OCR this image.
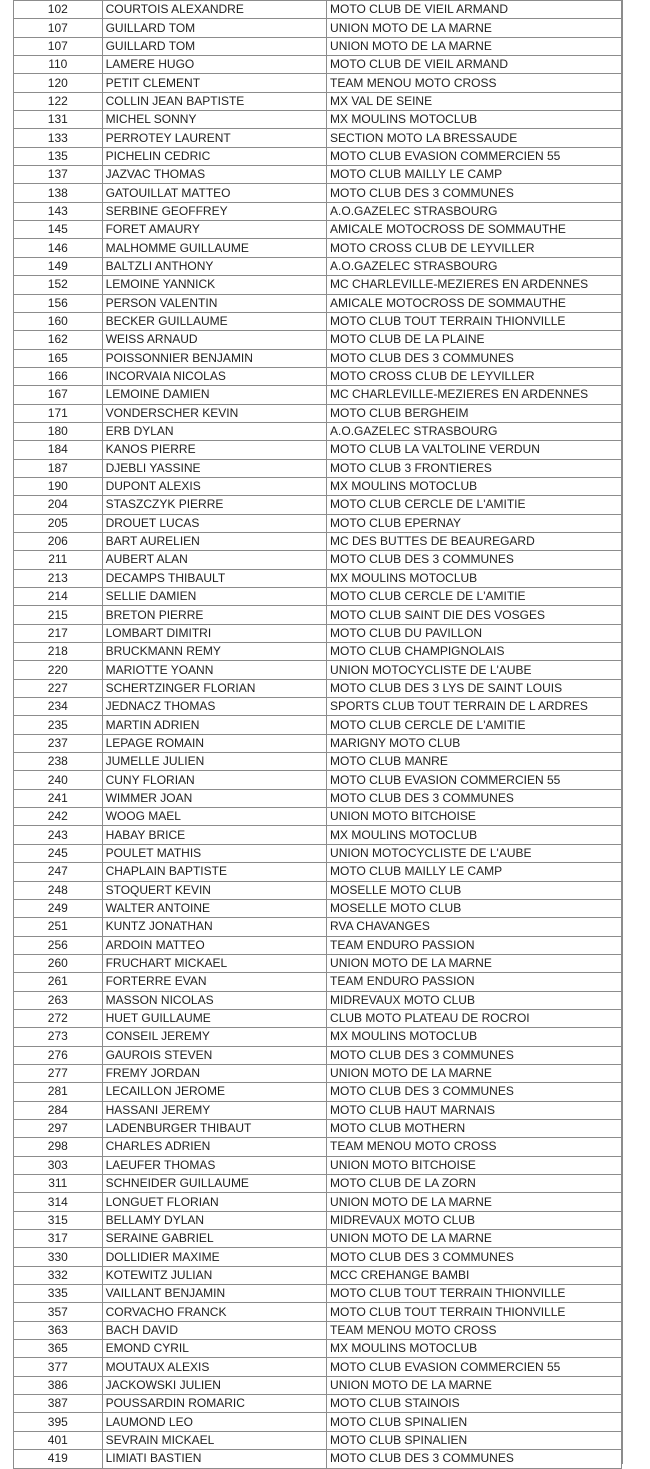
102	COURTOIS ALEXANDRE	MOTO CLUB DE VIEIL ARMAND
107	GUILLARD TOM	UNION MOTO DE LA MARNE
107	GUILLARD TOM	UNION MOTO DE LA MARNE
110	LAMERE HUGO	MOTO CLUB DE VIEIL ARMAND
120	PETIT CLEMENT	TEAM MENOU MOTO CROSS
122	COLLIN JEAN BAPTISTE	MX VAL DE SEINE
131	MICHEL SONNY	MX MOULINS MOTOCLUB
133	PERROTEY LAURENT	SECTION MOTO LA BRESSAUDE
135	PICHELIN CEDRIC	MOTO CLUB EVASION COMMERCIEN 55
137	JAZVAC THOMAS	MOTO CLUB MAILLY LE CAMP
138	GATOUILLAT MATTEO	MOTO CLUB DES 3 COMMUNES
143	SERBINE GEOFFREY	A.O.GAZELEC STRASBOURG
145	FORET AMAURY	AMICALE MOTOCROSS DE SOMMAUTHE
146	MALHOMME GUILLAUME	MOTO CROSS CLUB DE LEYVILLER
149	BALTZLI ANTHONY	A.O.GAZELEC STRASBOURG
152	LEMOINE YANNICK	MC CHARLEVILLE-MEZIERES EN ARDENNES
156	PERSON VALENTIN	AMICALE MOTOCROSS DE SOMMAUTHE
160	BECKER GUILLAUME	MOTO CLUB TOUT TERRAIN THIONVILLE
162	WEISS ARNAUD	MOTO CLUB DE LA PLAINE
165	POISSONNIER BENJAMIN	MOTO CLUB DES 3 COMMUNES
166	INCORVAIA NICOLAS	MOTO CROSS CLUB DE LEYVILLER
167	LEMOINE DAMIEN	MC CHARLEVILLE-MEZIERES EN ARDENNES
171	VONDERSCHER KEVIN	MOTO CLUB BERGHEIM
180	ERB DYLAN	A.O.GAZELEC STRASBOURG
184	KANOS PIERRE	MOTO CLUB LA VALTOLINE VERDUN
187	DJEBLI YASSINE	MOTO CLUB 3 FRONTIERES
190	DUPONT ALEXIS	MX MOULINS MOTOCLUB
204	STASZCZYK PIERRE	MOTO CLUB CERCLE DE L'AMITIE
205	DROUET LUCAS	MOTO CLUB EPERNAY
206	BART AURELIEN	MC DES BUTTES DE BEAUREGARD
211	AUBERT ALAN	MOTO CLUB DES 3 COMMUNES
213	DECAMPS THIBAULT	MX MOULINS MOTOCLUB
214	SELLIE DAMIEN	MOTO CLUB CERCLE DE L'AMITIE
215	BRETON PIERRE	MOTO CLUB SAINT DIE DES VOSGES
217	LOMBART DIMITRI	MOTO CLUB DU PAVILLON
218	BRUCKMANN REMY	MOTO CLUB CHAMPIGNOLAIS
220	MARIOTTE YOANN	UNION MOTOCYCLISTE DE L'AUBE
227	SCHERTZINGER FLORIAN	MOTO CLUB DES 3 LYS DE SAINT LOUIS
234	JEDNACZ THOMAS	SPORTS CLUB TOUT TERRAIN DE L ARDRES
235	MARTIN ADRIEN	MOTO CLUB CERCLE DE L'AMITIE
237	LEPAGE ROMAIN	MARIGNY MOTO CLUB
238	JUMELLE JULIEN	MOTO CLUB MANRE
240	CUNY FLORIAN	MOTO CLUB EVASION COMMERCIEN 55
241	WIMMER JOAN	MOTO CLUB DES 3 COMMUNES
242	WOOG MAEL	UNION MOTO BITCHOISE
243	HABAY BRICE	MX MOULINS MOTOCLUB
245	POULET MATHIS	UNION MOTOCYCLISTE DE L'AUBE
247	CHAPLAIN BAPTISTE	MOTO CLUB MAILLY LE CAMP
248	STOQUERT KEVIN	MOSELLE MOTO CLUB
249	WALTER ANTOINE	MOSELLE MOTO CLUB
251	KUNTZ JONATHAN	RVA CHAVANGES
256	ARDOIN MATTEO	TEAM ENDURO PASSION
260	FRUCHART MICKAEL	UNION MOTO DE LA MARNE
261	FORTERRE EVAN	TEAM ENDURO PASSION
263	MASSON NICOLAS	MIDREVAUX MOTO CLUB
272	HUET GUILLAUME	CLUB MOTO PLATEAU DE ROCROI
273	CONSEIL JEREMY	MX MOULINS MOTOCLUB
276	GAUROIS STEVEN	MOTO CLUB DES 3 COMMUNES
277	FREMY JORDAN	UNION MOTO DE LA MARNE
281	LECAILLON JEROME	MOTO CLUB DES 3 COMMUNES
284	HASSANI JEREMY	MOTO CLUB HAUT MARNAIS
297	LADENBURGER THIBAUT	MOTO CLUB MOTHERN
298	CHARLES ADRIEN	TEAM MENOU MOTO CROSS
303	LAEUFER THOMAS	UNION MOTO BITCHOISE
311	SCHNEIDER GUILLAUME	MOTO CLUB DE LA ZORN
314	LONGUET FLORIAN	UNION MOTO DE LA MARNE
315	BELLAMY DYLAN	MIDREVAUX MOTO CLUB
317	SERAINE GABRIEL	UNION MOTO DE LA MARNE
330	DOLLIDIER MAXIME	MOTO CLUB DES 3 COMMUNES
332	KOTEWITZ JULIAN	MCC CREHANGE BAMBI
335	VAILLANT BENJAMIN	MOTO CLUB TOUT TERRAIN THIONVILLE
357	CORVACHO FRANCK	MOTO CLUB TOUT TERRAIN THIONVILLE
363	BACH DAVID	TEAM MENOU MOTO CROSS
365	EMOND CYRIL	MX MOULINS MOTOCLUB
377	MOUTAUX ALEXIS	MOTO CLUB EVASION COMMERCIEN 55
386	JACKOWSKI JULIEN	UNION MOTO DE LA MARNE
387	POUSSARDIN ROMARIC	MOTO CLUB STAINOIS
395	LAUMOND LEO	MOTO CLUB SPINALIEN
401	SEVRAIN MICKAEL	MOTO CLUB SPINALIEN
419	LIMIATI BASTIEN	MOTO CLUB DES 3 COMMUNES
